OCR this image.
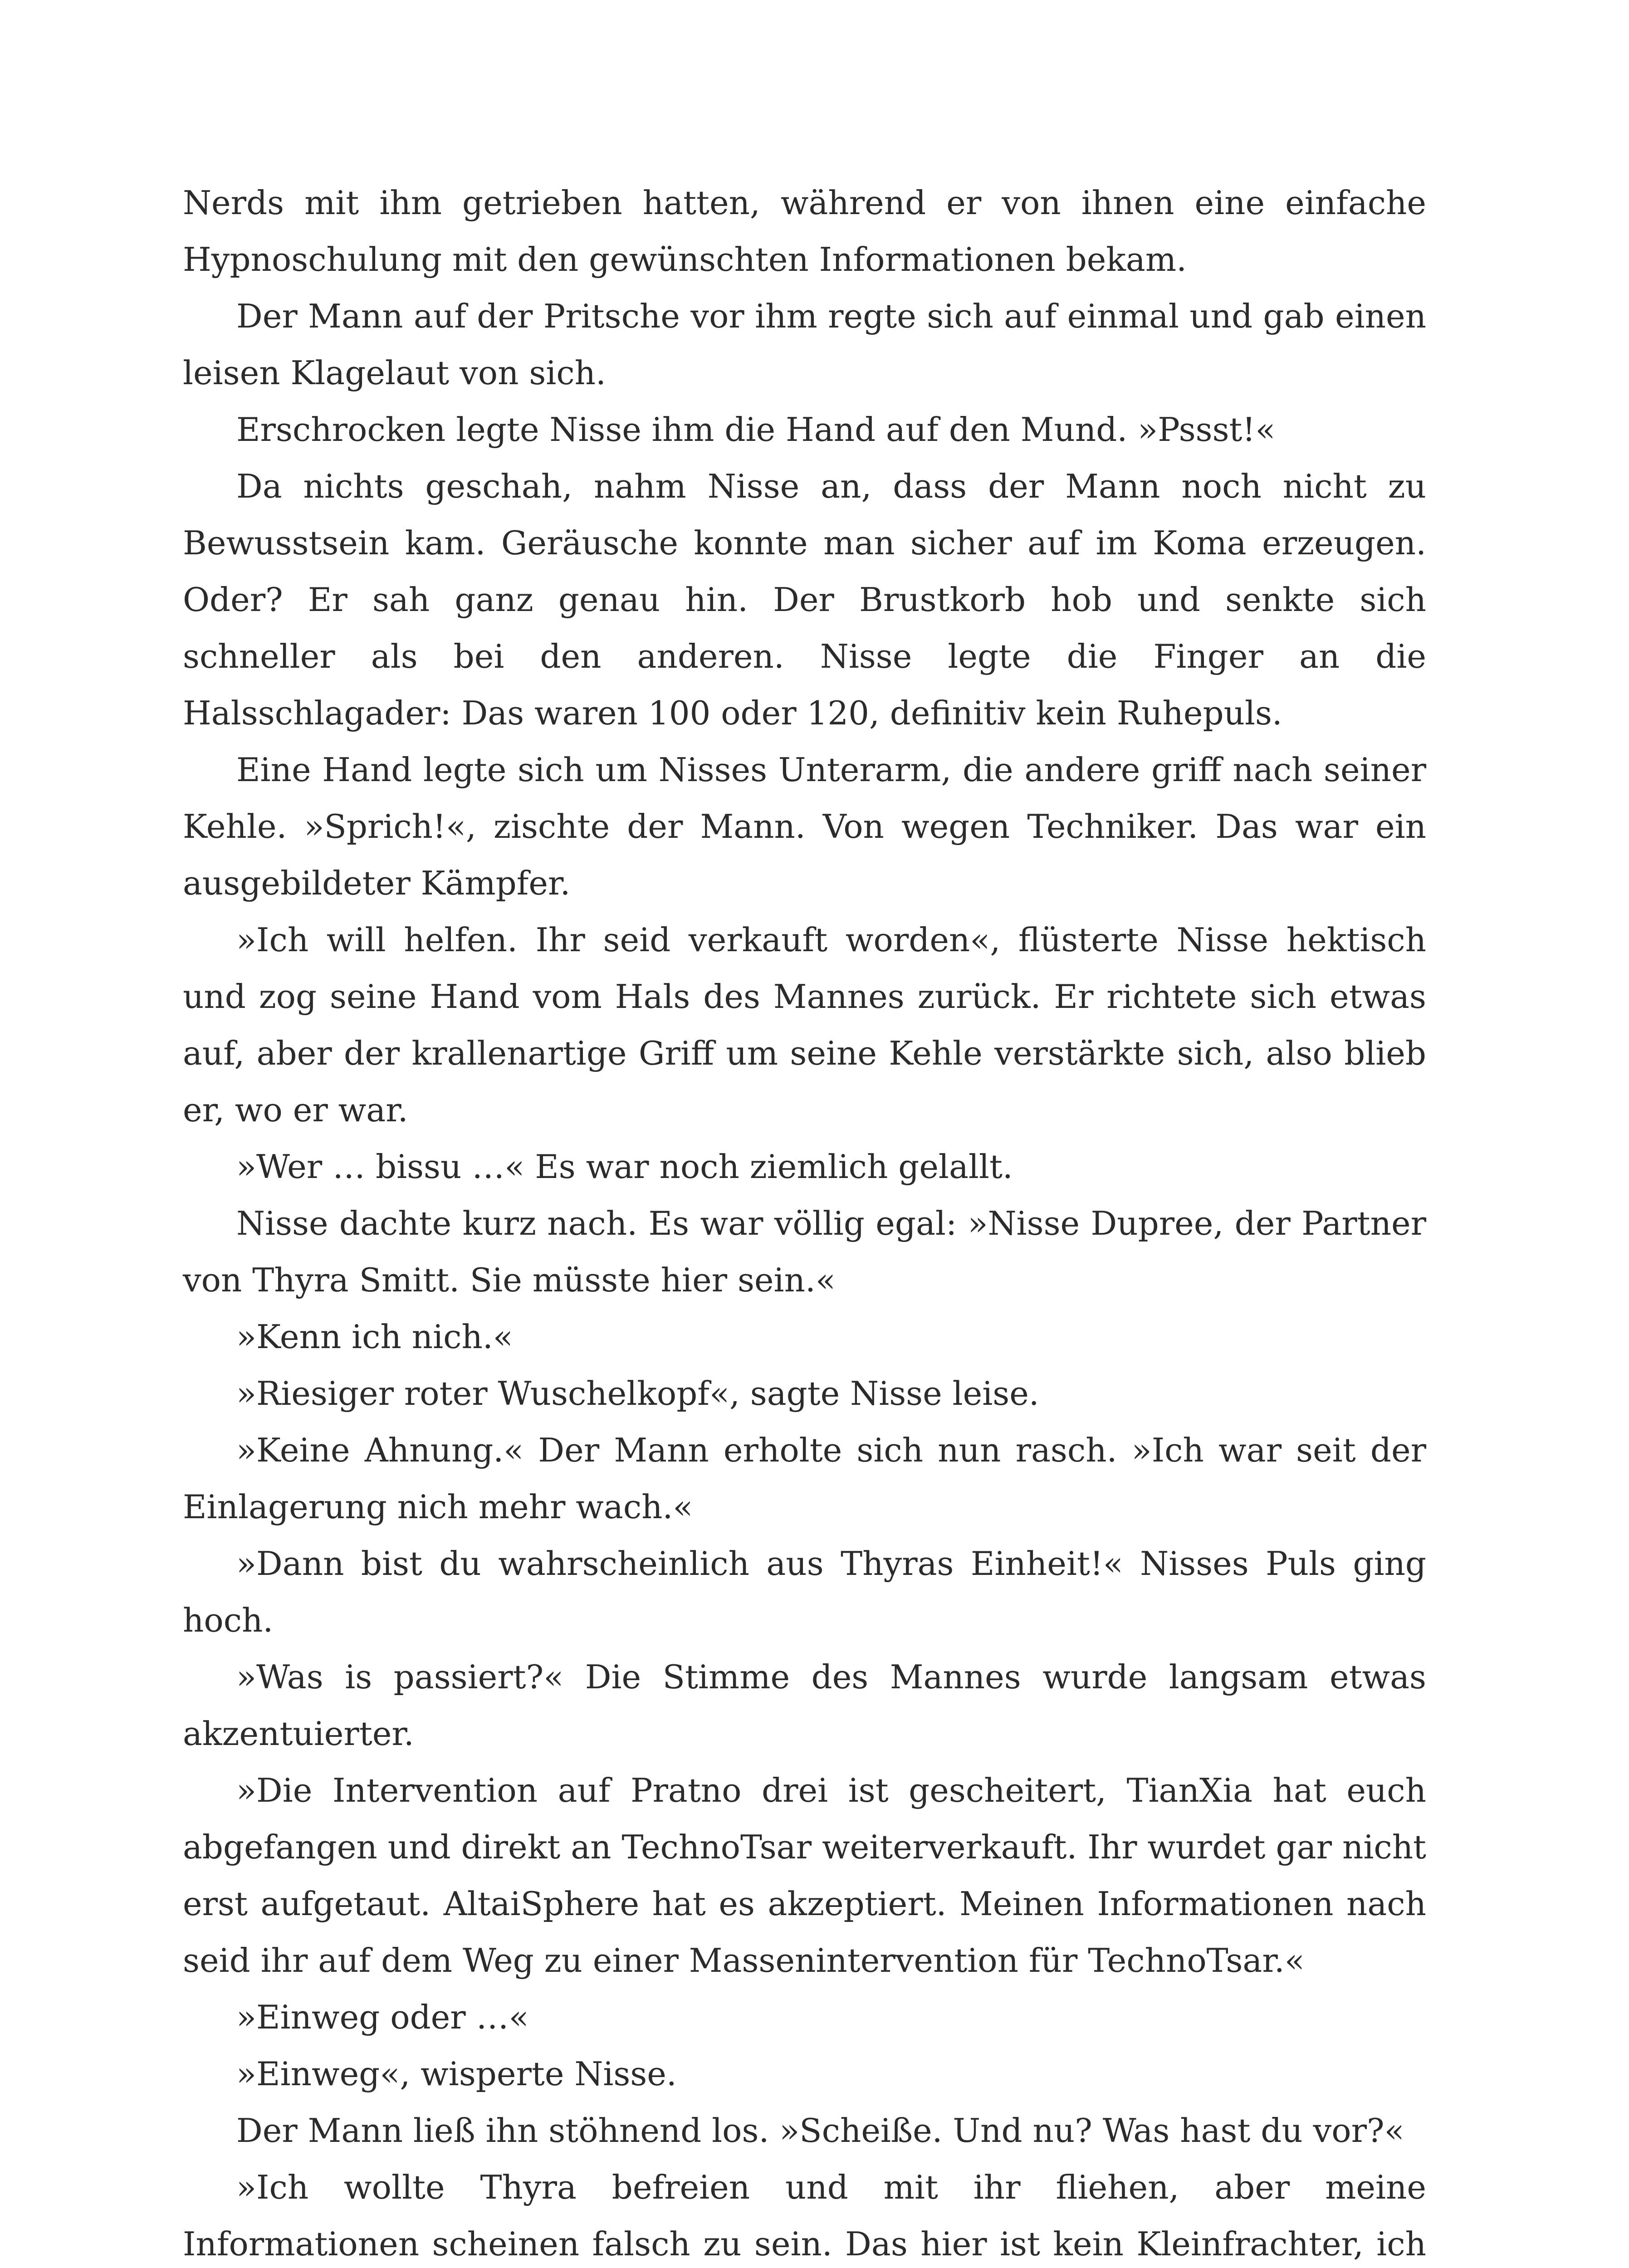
Nerds mit ihm getrieben hatten, während er von ihnen eine einfache Hypnoschulung mit den gewünschten Informationen bekam.

Der Mann auf der Pritsche vor ihm regte sich auf einmal und gab einen leisen Klagelaut von sich.

Erschrocken legte Nisse ihm die Hand auf den Mund. »Pssst!«

Da nichts geschah, nahm Nisse an, dass der Mann noch nicht zu Bewusstsein kam. Geräusche konnte man sicher auf im Koma erzeugen. Oder? Er sah ganz genau hin. Der Brustkorb hob und senkte sich schneller als bei den anderen. Nisse legte die Finger an die Halsschlagader: Das waren 100 oder 120, definitiv kein Ruhepuls.

Eine Hand legte sich um Nisses Unterarm, die andere griff nach seiner Kehle. »Sprich!«, zischte der Mann. Von wegen Techniker. Das war ein ausgebildeter Kämpfer.

»Ich will helfen. Ihr seid verkauft worden«, flüsterte Nisse hektisch und zog seine Hand vom Hals des Mannes zurück. Er richtete sich etwas auf, aber der krallenartige Griff um seine Kehle verstärkte sich, also blieb er, wo er war.

»Wer … bissu …« Es war noch ziemlich gelallt.

Nisse dachte kurz nach. Es war völlig egal: »Nisse Dupree, der Partner von Thyra Smitt. Sie müsste hier sein.«

»Kenn ich nich.«

»Riesiger roter Wuschelkopf«, sagte Nisse leise.

»Keine Ahnung.« Der Mann erholte sich nun rasch. »Ich war seit der Einlagerung nich mehr wach.«

»Dann bist du wahrscheinlich aus Thyras Einheit!« Nisses Puls ging hoch.

»Was is passiert?« Die Stimme des Mannes wurde langsam etwas akzentuierter.

»Die Intervention auf Pratno drei ist gescheitert, TianXia hat euch abgefangen und direkt an TechnoTsar weiterverkauft. Ihr wurdet gar nicht erst aufgetaut. AltaiSphere hat es akzeptiert. Meinen Informationen nach seid ihr auf dem Weg zu einer Massenintervention für TechnoTsar.«

»Einweg oder …«

»Einweg«, wisperte Nisse.

Der Mann ließ ihn stöhnend los. »Scheiße. Und nu? Was hast du vor?«

»Ich wollte Thyra befreien und mit ihr fliehen, aber meine Informationen scheinen falsch zu sein. Das hier ist kein Kleinfrachter, ich
